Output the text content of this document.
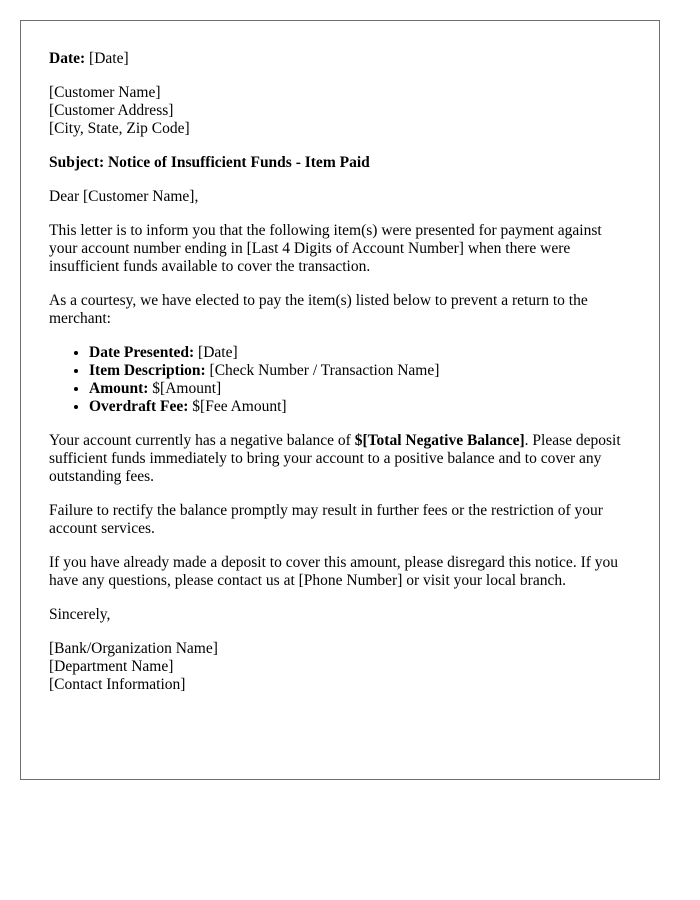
Date: [Date]

[Customer Name]
[Customer Address]
[City, State, Zip Code]

Subject: Notice of Insufficient Funds - Item Paid

Dear [Customer Name],

This letter is to inform you that the following item(s) were presented for payment against your account number ending in [Last 4 Digits of Account Number] when there were insufficient funds available to cover the transaction.

As a courtesy, we have elected to pay the item(s) listed below to prevent a return to the merchant:

• Date Presented: [Date]
• Item Description: [Check Number / Transaction Name]
• Amount: $[Amount]
• Overdraft Fee: $[Fee Amount]

Your account currently has a negative balance of $[Total Negative Balance]. Please deposit sufficient funds immediately to bring your account to a positive balance and to cover any outstanding fees.

Failure to rectify the balance promptly may result in further fees or the restriction of your account services.

If you have already made a deposit to cover this amount, please disregard this notice. If you have any questions, please contact us at [Phone Number] or visit your local branch.

Sincerely,

[Bank/Organization Name]
[Department Name]
[Contact Information]
